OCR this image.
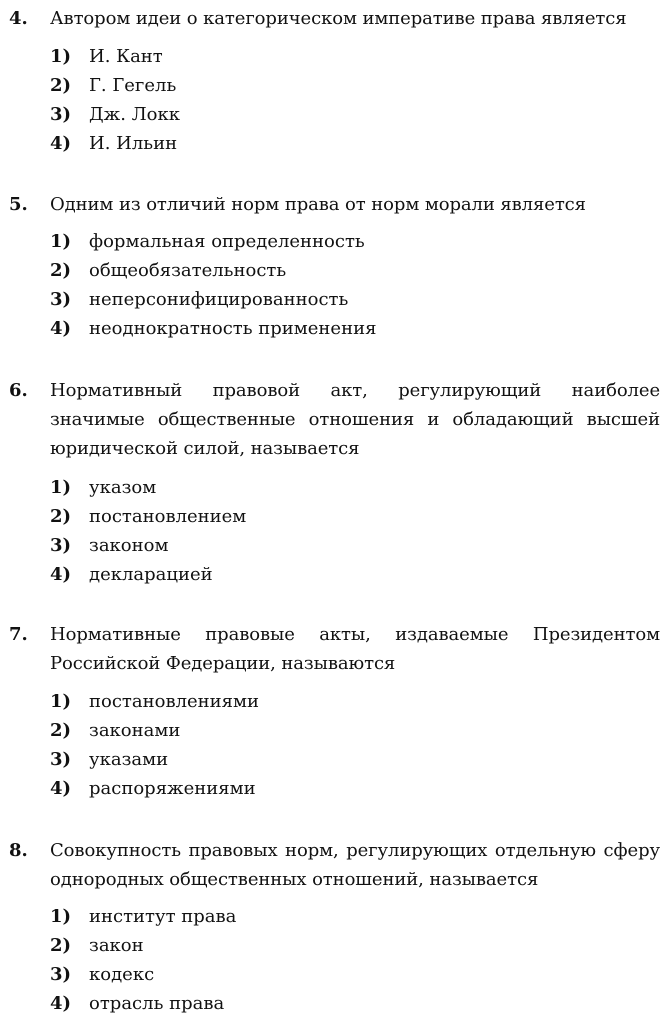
4. Автором идеи о категорическом императиве права является
1) И. Кант
2) Г. Гегель
3) Дж. Локк
4) И. Ильин
5. Одним из отличий норм права от норм морали является
1) формальная определенность
2) общеобязательность
3) неперсонифицированность
4) неоднократность применения
6. Нормативный правовой акт, регулирующий наиболее значимые общественные отношения и обладающий высшей юридической силой, называется
1) указом
2) постановлением
3) законом
4) декларацией
7. Нормативные правовые акты, издаваемые Президентом Российской Федерации, называются
1) постановлениями
2) законами
3) указами
4) распоряжениями
8. Совокупность правовых норм, регулирующих отдельную сферу однородных общественных отношений, называется
1) институт права
2) закон
3) кодекс
4) отрасль права
